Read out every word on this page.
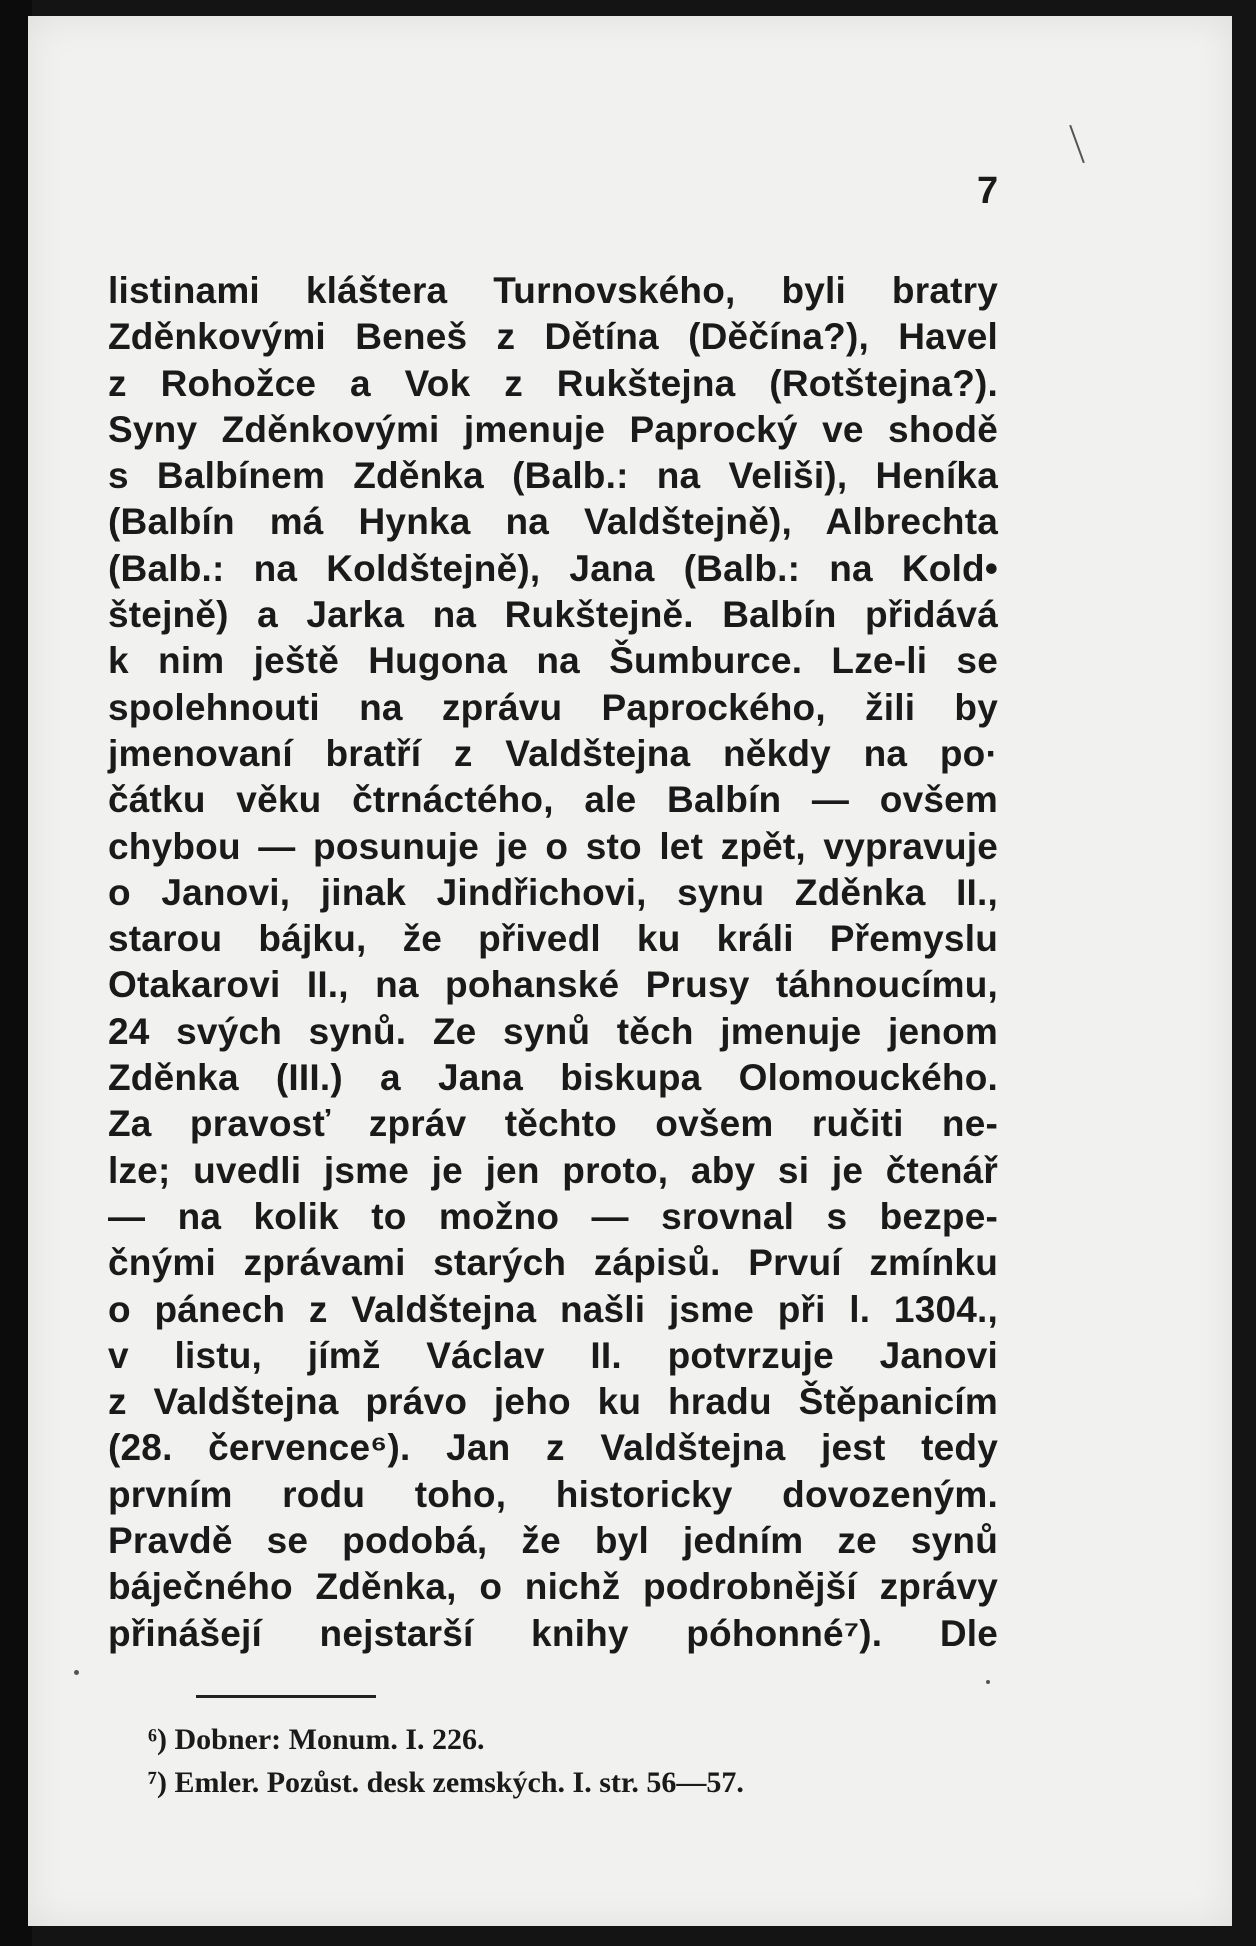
7
listinami kláštera Turnovského, byli bratry
Zděnkovými Beneš z Dětína (Děčína?), Havel
z Rohožce a Vok z Rukštejna (Rotštejna?).
Syny Zděnkovými jmenuje Paprocký ve shodě
s Balbínem Zděnka (Balb.: na Veliši), Heníka
(Balbín má Hynka na Valdštejně), Albrechta
(Balb.: na Koldštejně), Jana (Balb.: na Kold•
štejně) a Jarka na Rukštejně. Balbín přidává
k nim ještě Hugona na Šumburce. Lze-li se
spolehnouti na zprávu Paprockého, žili by
jmenovaní bratří z Valdštejna někdy na po·
čátku věku čtrnáctého, ale Balbín — ovšem
chybou — posunuje je o sto let zpět, vypravuje
o Janovi, jinak Jindřichovi, synu Zděnka II.,
starou bájku, že přivedl ku králi Přemyslu
Otakarovi II., na pohanské Prusy táhnoucímu,
24 svých synů. Ze synů těch jmenuje jenom
Zděnka (III.) a Jana biskupa Olomouckého.
Za pravosť zpráv těchto ovšem ručiti ne-
lze; uvedli jsme je jen proto, aby si je čtenář
— na kolik to možno — srovnal s bezpe-
čnými zprávami starých zápisů. Prvuí zmínku
o pánech z Valdštejna našli jsme při l. 1304.,
v listu, jímž Václav II. potvrzuje Janovi
z Valdštejna právo jeho ku hradu Štěpanicím
(28. července⁶). Jan z Valdštejna jest tedy
prvním rodu toho, historicky dovozeným.
Pravdě se podobá, že byl jedním ze synů
báječného Zděnka, o nichž podrobnější zprávy
přinášejí nejstarší knihy póhonné⁷). Dle
⁶) Dobner: Monum. I. 226.
⁷) Emler. Pozůst. desk zemských. I. str. 56—57.
